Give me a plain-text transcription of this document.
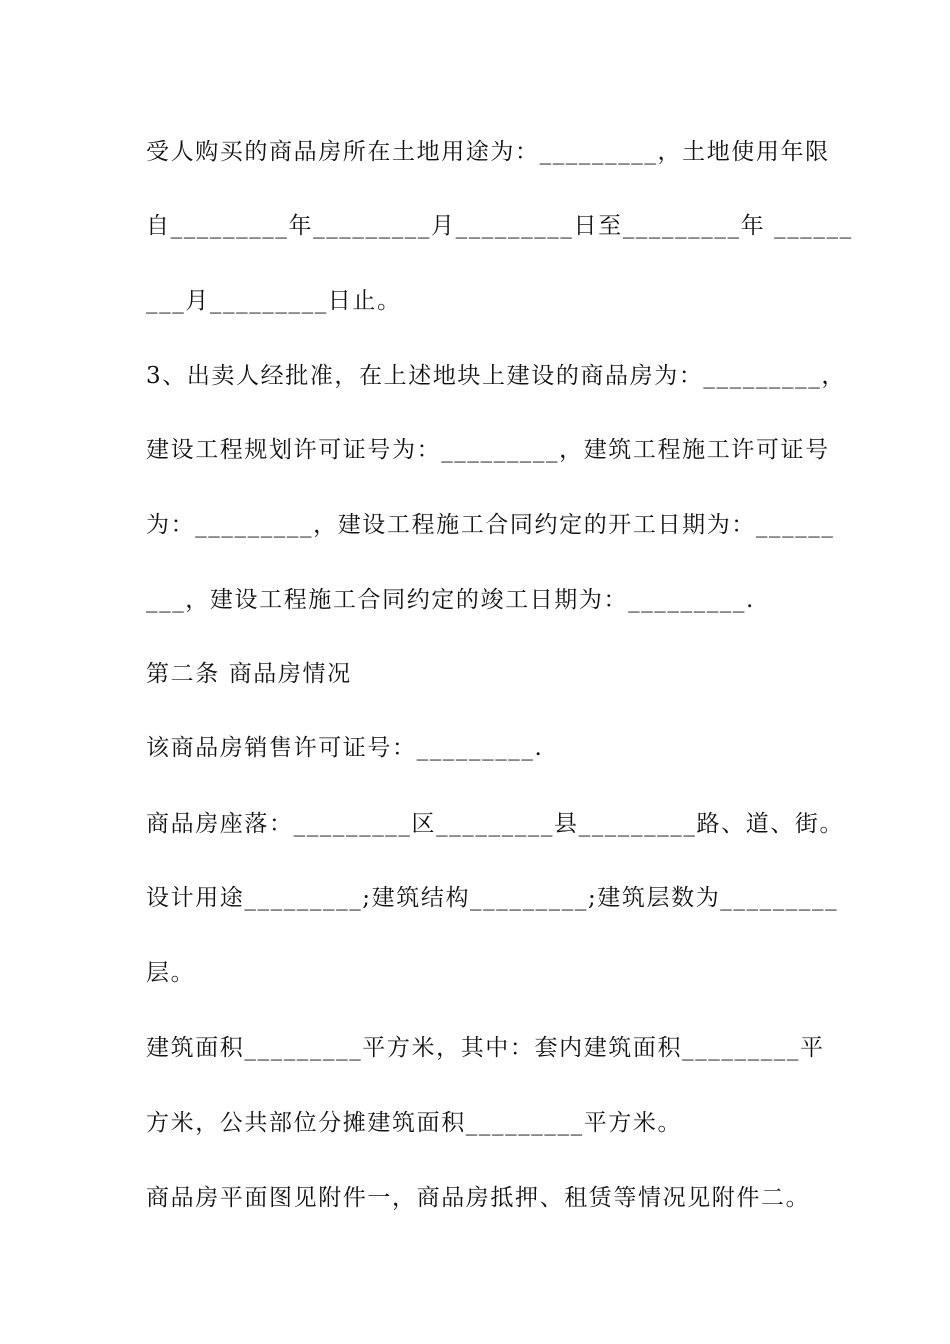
受人购买的商品房所在土地用途为：_________，土地使用年限
自_________年_________月_________日至_________年 ______
___月_________日止。
3、出卖人经批准，在上述地块上建设的商品房为：_________，
建设工程规划许可证号为：_________，建筑工程施工许可证号
为：_________，建设工程施工合同约定的开工日期为：______
___，建设工程施工合同约定的竣工日期为：_________.
第二条 商品房情况
该商品房销售许可证号：_________.
商品房座落：_________区_________县_________路、道、街。
设计用途_________;建筑结构_________;建筑层数为_________
层。
建筑面积_________平方米，其中：套内建筑面积_________平
方米，公共部位分摊建筑面积_________平方米。
商品房平面图见附件一，商品房抵押、租赁等情况见附件二。
